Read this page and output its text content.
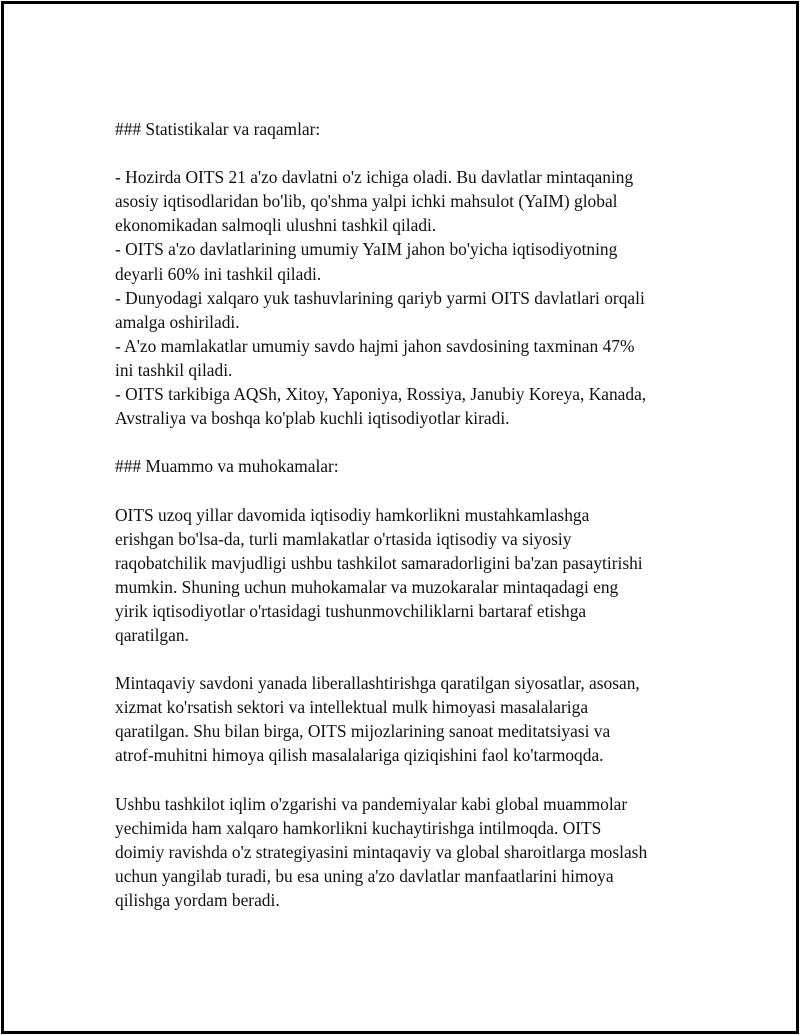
### Statistikalar va raqamlar:
- Hozirda OITS 21 a'zo davlatni o'z ichiga oladi. Bu davlatlar mintaqaning
asosiy iqtisodlaridan bo'lib, qo'shma yalpi ichki mahsulot (YaIM) global
ekonomikadan salmoqli ulushni tashkil qiladi.
- OITS a'zo davlatlarining umumiy YaIM jahon bo'yicha iqtisodiyotning
deyarli 60% ini tashkil qiladi.
- Dunyodagi xalqaro yuk tashuvlarining qariyb yarmi OITS davlatlari orqali
amalga oshiriladi.
- A'zo mamlakatlar umumiy savdo hajmi jahon savdosining taxminan 47%
ini tashkil qiladi.
- OITS tarkibiga AQSh, Xitoy, Yaponiya, Rossiya, Janubiy Koreya, Kanada,
Avstraliya va boshqa ko'plab kuchli iqtisodiyotlar kiradi.
### Muammo va muhokamalar:
OITS uzoq yillar davomida iqtisodiy hamkorlikni mustahkamlashga
erishgan bo'lsa-da, turli mamlakatlar o'rtasida iqtisodiy va siyosiy
raqobatchilik mavjudligi ushbu tashkilot samaradorligini ba'zan pasaytirishi
mumkin. Shuning uchun muhokamalar va muzokaralar mintaqadagi eng
yirik iqtisodiyotlar o'rtasidagi tushunmovchiliklarni bartaraf etishga
qaratilgan.
Mintaqaviy savdoni yanada liberallashtirishga qaratilgan siyosatlar, asosan,
xizmat ko'rsatish sektori va intellektual mulk himoyasi masalalariga
qaratilgan. Shu bilan birga, OITS mijozlarining sanoat meditatsiyasi va
atrof-muhitni himoya qilish masalalariga qiziqishini faol ko'tarmoqda.
Ushbu tashkilot iqlim o'zgarishi va pandemiyalar kabi global muammolar
yechimida ham xalqaro hamkorlikni kuchaytirishga intilmoqda. OITS
doimiy ravishda o'z strategiyasini mintaqaviy va global sharoitlarga moslash
uchun yangilab turadi, bu esa uning a'zo davlatlar manfaatlarini himoya
qilishga yordam beradi.
